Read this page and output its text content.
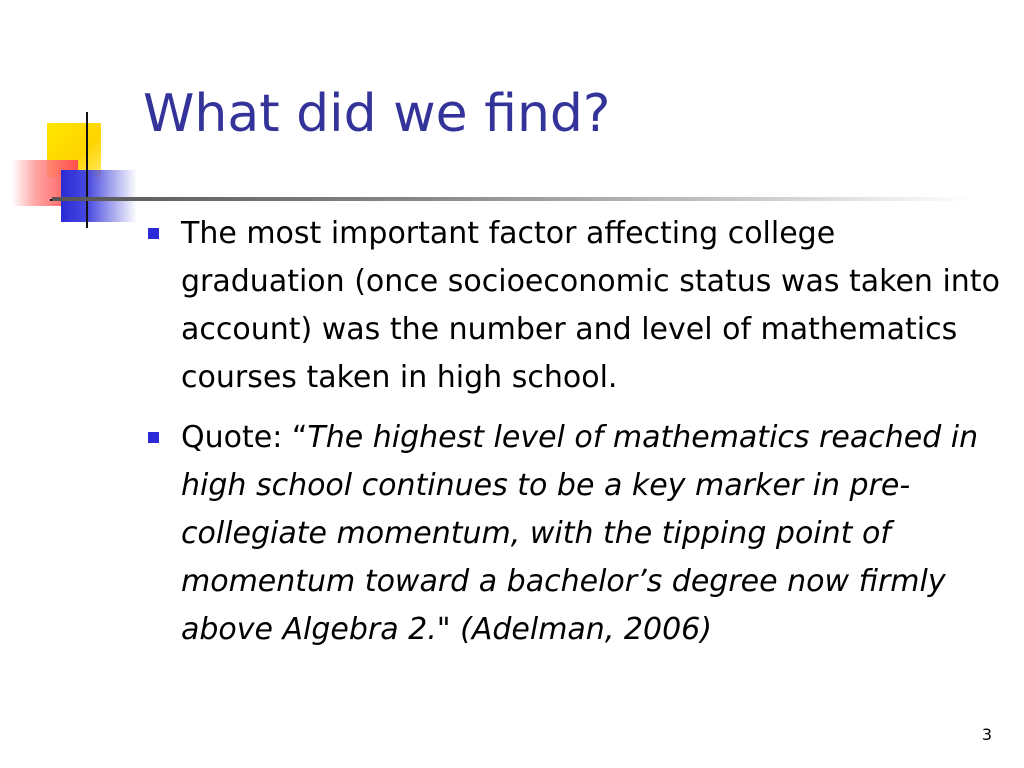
What did we find?
The most important factor affecting college graduation (once socioeconomic status was taken into account) was the number and level of mathematics courses taken in high school.
Quote: “The highest level of mathematics reached in high school continues to be a key marker in pre-collegiate momentum, with the tipping point of momentum toward a bachelor’s degree now firmly above Algebra 2." (Adelman, 2006)
3
